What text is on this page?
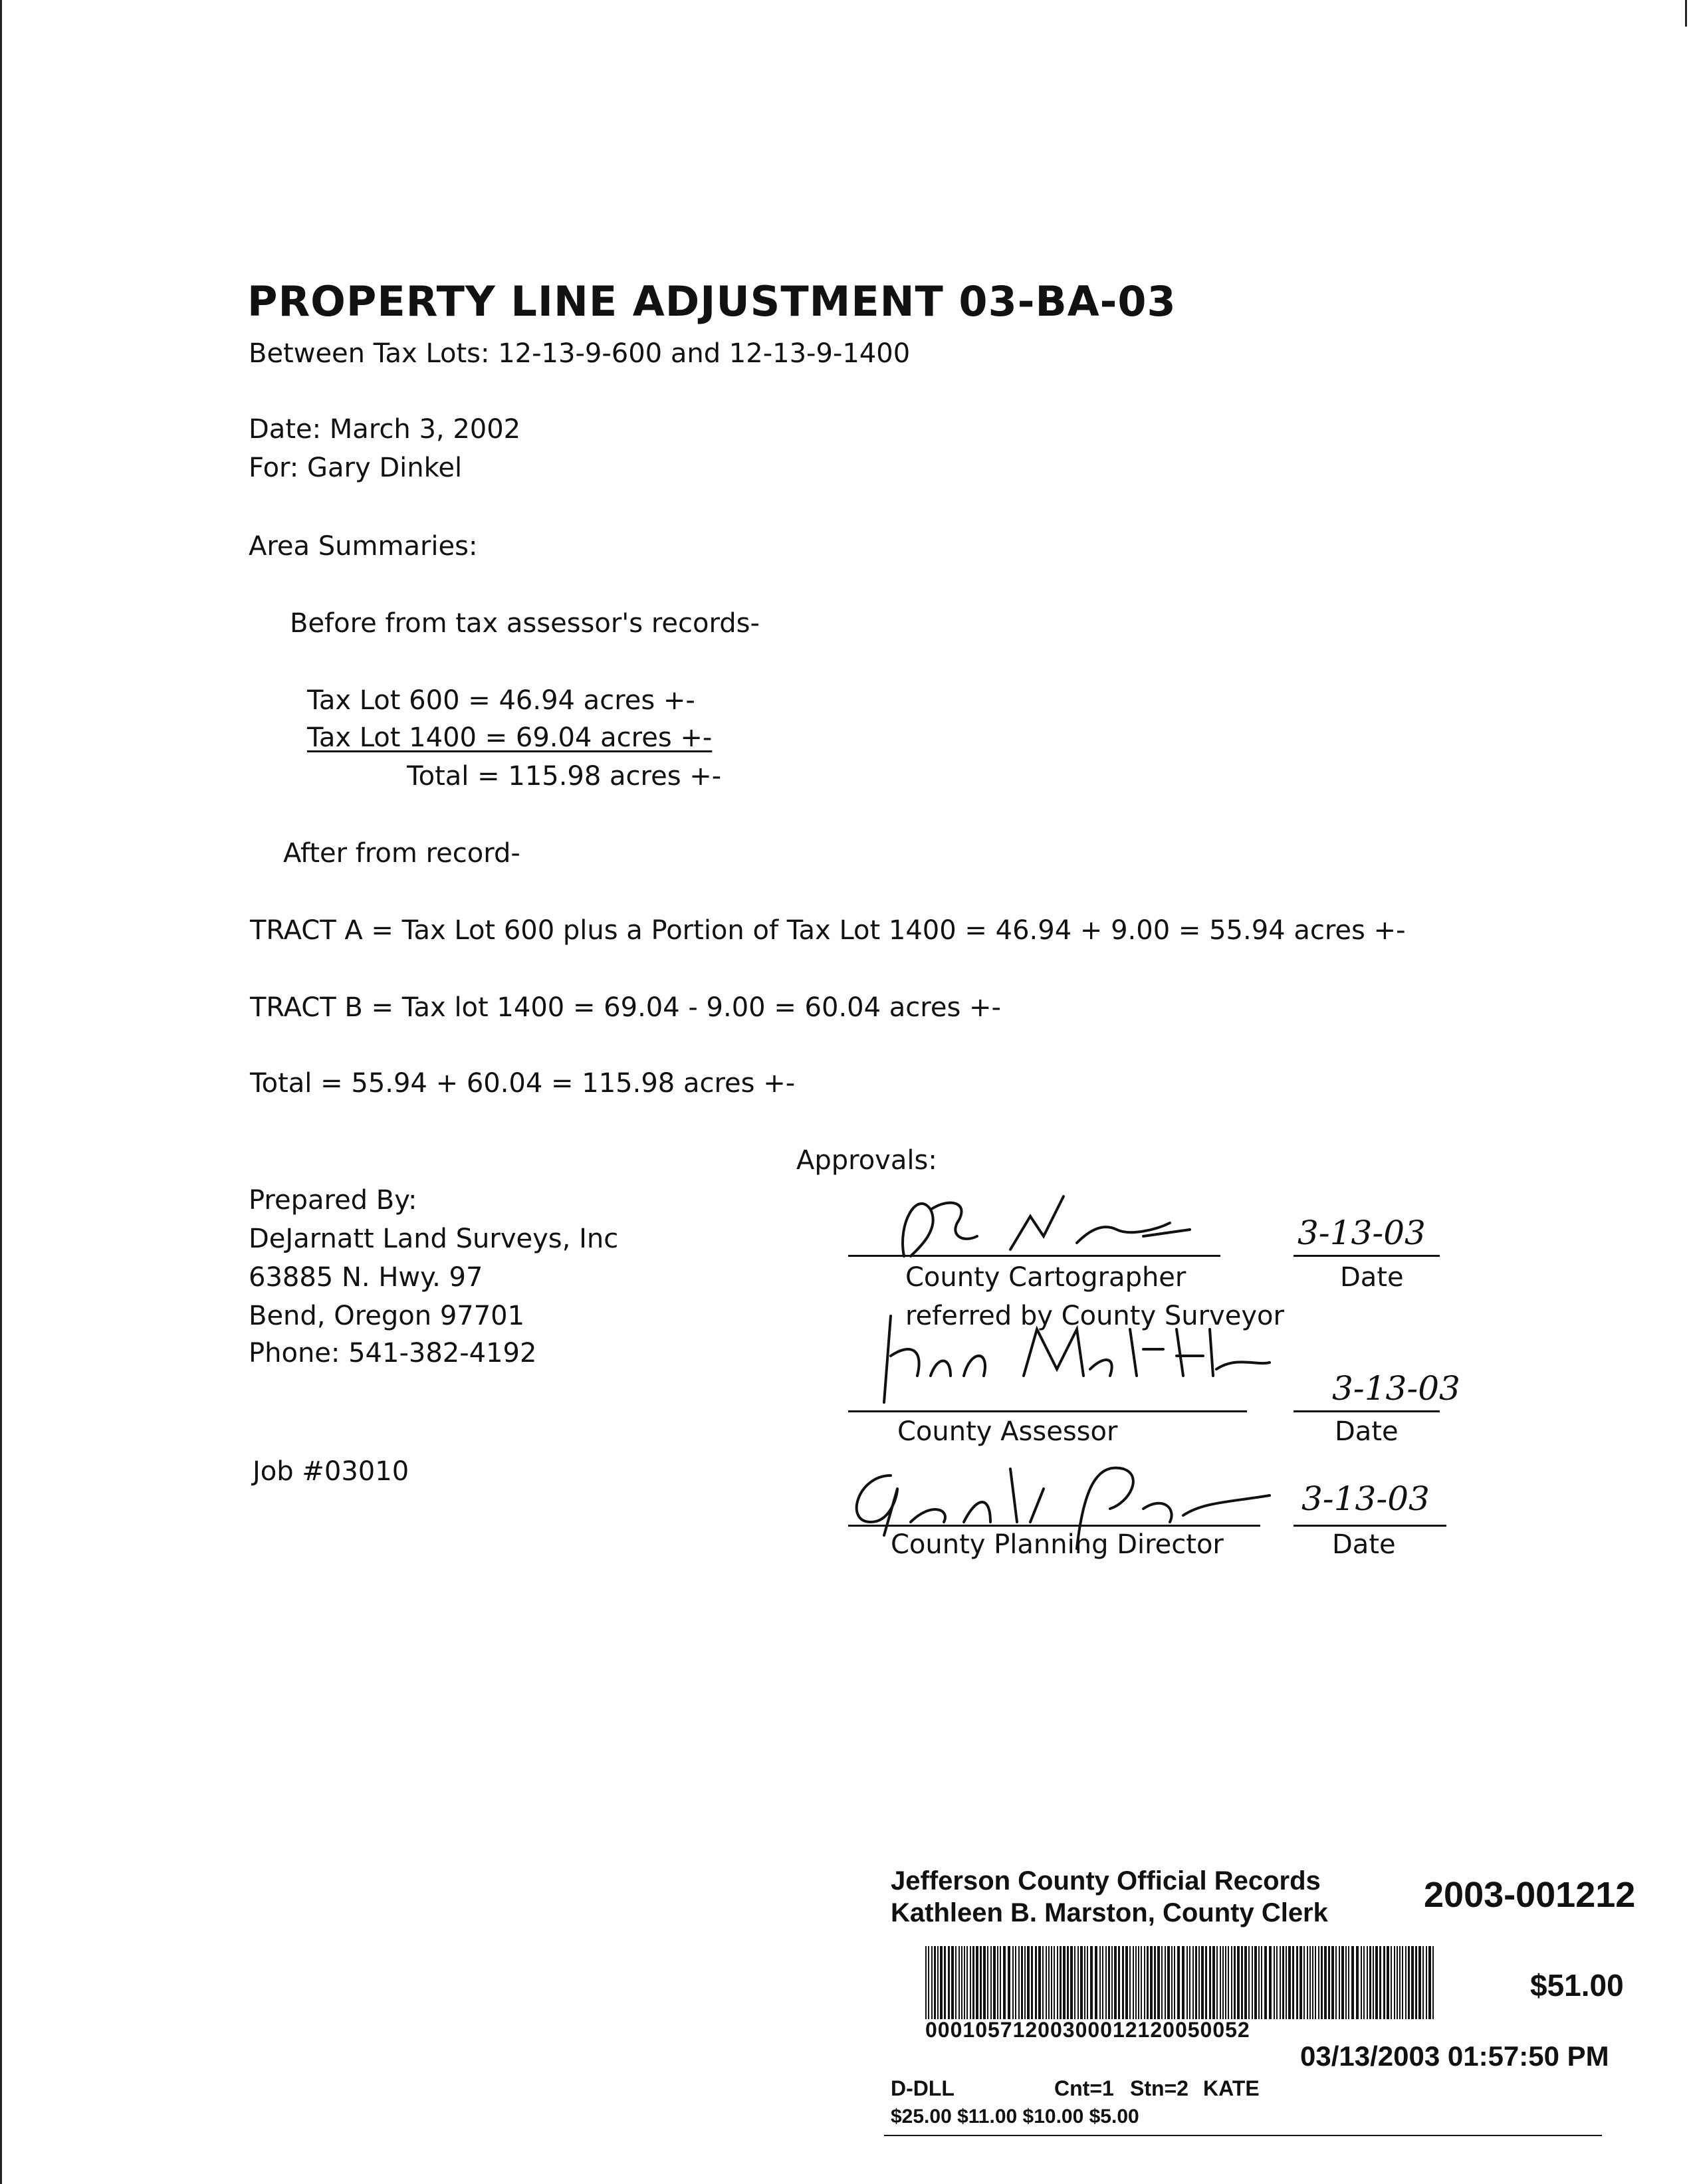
PROPERTY LINE ADJUSTMENT 03-BA-03
Between Tax Lots: 12-13-9-600 and 12-13-9-1400
Date: March 3, 2002
For: Gary Dinkel
Area Summaries:
Before from tax assessor's records-
Tax Lot 600 = 46.94 acres +-
Tax Lot 1400 = 69.04 acres +-
Total = 115.98 acres +-
After from record-
TRACT A = Tax Lot 600 plus a Portion of Tax Lot 1400 = 46.94 + 9.00 = 55.94 acres +-
TRACT B = Tax lot 1400 = 69.04 - 9.00 = 60.04 acres +-
Total = 55.94 + 60.04 = 115.98 acres +-
Prepared By:
DeJarnatt Land Surveys, Inc
63885 N. Hwy. 97
Bend, Oregon 97701
Phone: 541-382-4192
Job #03010
Approvals:
3-13-03
County Cartographer	Date
referred by County Surveyor
3-13-03
County Assessor	Date
3-13-03
County Planning Director	Date
Jefferson County Official Records
Kathleen B. Marston, County Clerk	2003-001212
$51.00
00010571200300012120050052
03/13/2003 01:57:50 PM
D-DLL	Cnt=1 Stn=2 KATE
$25.00 $11.00 $10.00 $5.00
